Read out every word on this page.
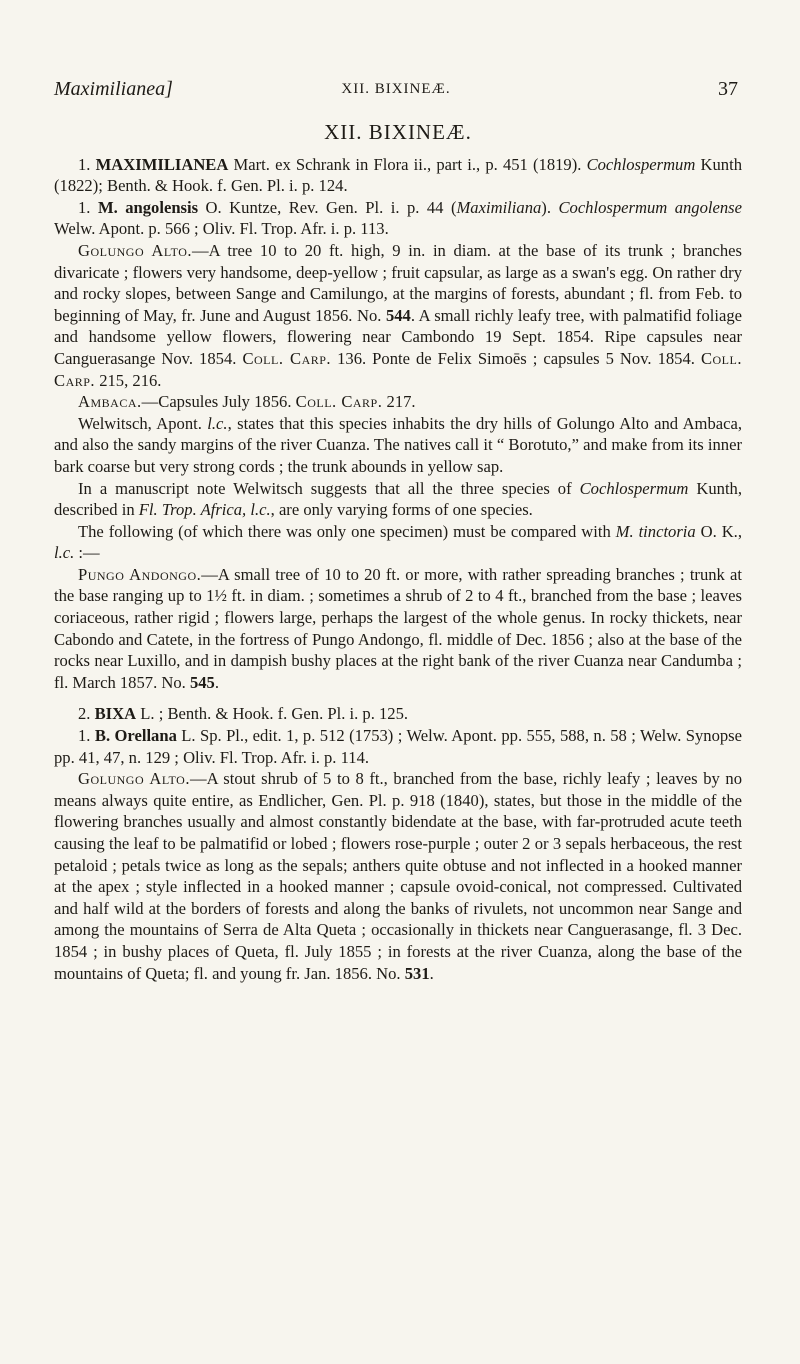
Maximilianea]	XII. BIXINEÆ.	37
XII. BIXINEÆ.

1. MAXIMILIANEA Mart. ex Schrank in Flora ii., part i., p. 451 (1819). Cochlospermum Kunth (1822); Benth. & Hook. f. Gen. Pl. i. p. 124.

1. M. angolensis O. Kuntze, Rev. Gen. Pl. i. p. 44 (Maximiliana). Cochlospermum angolense Welw. Apont. p. 566 ; Oliv. Fl. Trop. Afr. i. p. 113.

Golungo Alto.—A tree 10 to 20 ft. high, 9 in. in diam. at the base of its trunk ; branches divaricate ; flowers very handsome, deep-yellow ; fruit capsular, as large as a swan's egg. On rather dry and rocky slopes, between Sange and Camilungo, at the margins of forests, abundant ; fl. from Feb. to beginning of May, fr. June and August 1856. No. 544. A small richly leafy tree, with palmatifid foliage and handsome yellow flowers, flowering near Cambondo 19 Sept. 1854. Ripe capsules near Canguerasange Nov. 1854. Coll. Carp. 136. Ponte de Felix Simoēs ; capsules 5 Nov. 1854. Coll. Carp. 215, 216.

Ambaca.—Capsules July 1856. Coll. Carp. 217.

Welwitsch, Apont. l.c., states that this species inhabits the dry hills of Golungo Alto and Ambaca, and also the sandy margins of the river Cuanza. The natives call it “ Borotuto,” and make from its inner bark coarse but very strong cords ; the trunk abounds in yellow sap.

In a manuscript note Welwitsch suggests that all the three species of Cochlospermum Kunth, described in Fl. Trop. Africa, l.c., are only varying forms of one species.

The following (of which there was only one specimen) must be compared with M. tinctoria O. K., l.c. :—

Pungo Andongo.—A small tree of 10 to 20 ft. or more, with rather spreading branches ; trunk at the base ranging up to 1½ ft. in diam. ; sometimes a shrub of 2 to 4 ft., branched from the base ; leaves coriaceous, rather rigid ; flowers large, perhaps the largest of the whole genus. In rocky thickets, near Cabondo and Catete, in the fortress of Pungo Andongo, fl. middle of Dec. 1856 ; also at the base of the rocks near Luxillo, and in dampish bushy places at the right bank of the river Cuanza near Candumba ; fl. March 1857. No. 545.

2. BIXA L. ; Benth. & Hook. f. Gen. Pl. i. p. 125.

1. B. Orellana L. Sp. Pl., edit. 1, p. 512 (1753) ; Welw. Apont. pp. 555, 588, n. 58 ; Welw. Synopse pp. 41, 47, n. 129 ; Oliv. Fl. Trop. Afr. i. p. 114.

Golungo Alto.—A stout shrub of 5 to 8 ft., branched from the base, richly leafy ; leaves by no means always quite entire, as Endlicher, Gen. Pl. p. 918 (1840), states, but those in the middle of the flowering branches usually and almost constantly bidendate at the base, with far-protruded acute teeth causing the leaf to be palmatifid or lobed ; flowers rose-purple ; outer 2 or 3 sepals herbaceous, the rest petaloid ; petals twice as long as the sepals; anthers quite obtuse and not inflected in a hooked manner at the apex ; style inflected in a hooked manner ; capsule ovoid-conical, not compressed. Cultivated and half wild at the borders of forests and along the banks of rivulets, not uncommon near Sange and among the mountains of Serra de Alta Queta ; occasionally in thickets near Canguerasange, fl. 3 Dec. 1854 ; in bushy places of Queta, fl. July 1855 ; in forests at the river Cuanza, along the base of the mountains of Queta; fl. and young fr. Jan. 1856. No. 531.
